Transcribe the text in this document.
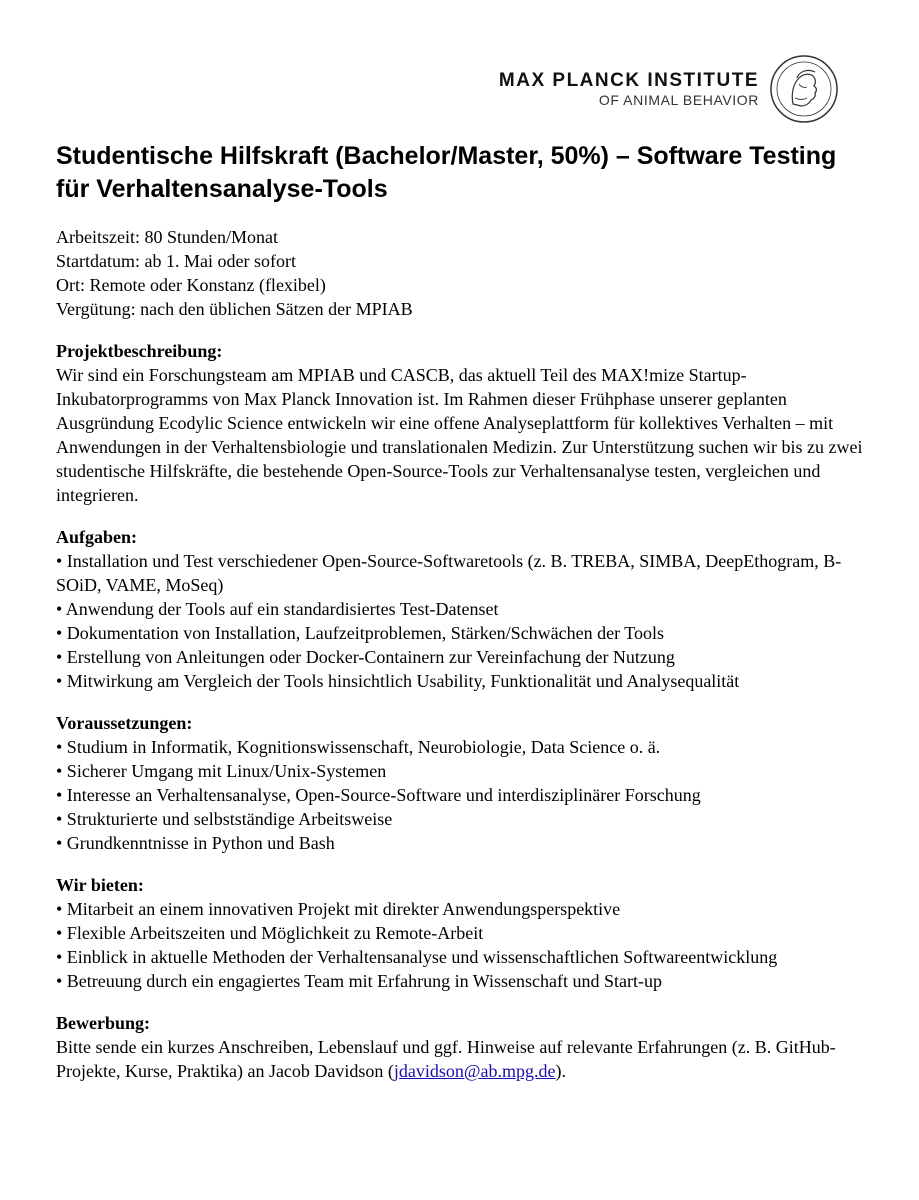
MAX PLANCK INSTITUTE
OF ANIMAL BEHAVIOR
Studentische Hilfskraft (Bachelor/Master, 50%) – Software Testing für Verhaltensanalyse-Tools
Arbeitszeit: 80 Stunden/Monat
Startdatum: ab 1. Mai oder sofort
Ort: Remote oder Konstanz (flexibel)
Vergütung: nach den üblichen Sätzen der MPIAB
Projektbeschreibung:

Wir sind ein Forschungsteam am MPIAB und CASCB, das aktuell Teil des MAX!mize Startup-Inkubatorprogramms von Max Planck Innovation ist. Im Rahmen dieser Frühphase unserer geplanten Ausgründung Ecodylic Science entwickeln wir eine offene Analyseplattform für kollektives Verhalten – mit Anwendungen in der Verhaltensbiologie und translationalen Medizin. Zur Unterstützung suchen wir bis zu zwei studentische Hilfskräfte, die bestehende Open-Source-Tools zur Verhaltensanalyse testen, vergleichen und integrieren.

Aufgaben:
• Installation und Test verschiedener Open-Source-Softwaretools (z. B. TREBA, SIMBA, DeepEthogram, B-SOiD, VAME, MoSeq)
• Anwendung der Tools auf ein standardisiertes Test-Datenset
• Dokumentation von Installation, Laufzeitproblemen, Stärken/Schwächen der Tools
• Erstellung von Anleitungen oder Docker-Containern zur Vereinfachung der Nutzung
• Mitwirkung am Vergleich der Tools hinsichtlich Usability, Funktionalität und Analysequalität
Voraussetzungen:
• Studium in Informatik, Kognitionswissenschaft, Neurobiologie, Data Science o. ä.
• Sicherer Umgang mit Linux/Unix-Systemen
• Interesse an Verhaltensanalyse, Open-Source-Software und interdisziplinärer Forschung
• Strukturierte und selbstständige Arbeitsweise
• Grundkenntnisse in Python und Bash
Wir bieten:
• Mitarbeit an einem innovativen Projekt mit direkter Anwendungsperspektive
• Flexible Arbeitszeiten und Möglichkeit zu Remote-Arbeit
• Einblick in aktuelle Methoden der Verhaltensanalyse und wissenschaftlichen Softwareentwicklung
• Betreuung durch ein engagiertes Team mit Erfahrung in Wissenschaft und Start-up
Bewerbung:

Bitte sende ein kurzes Anschreiben, Lebenslauf und ggf. Hinweise auf relevante Erfahrungen (z. B. GitHub-Projekte, Kurse, Praktika) an Jacob Davidson (jdavidson@ab.mpg.de).
